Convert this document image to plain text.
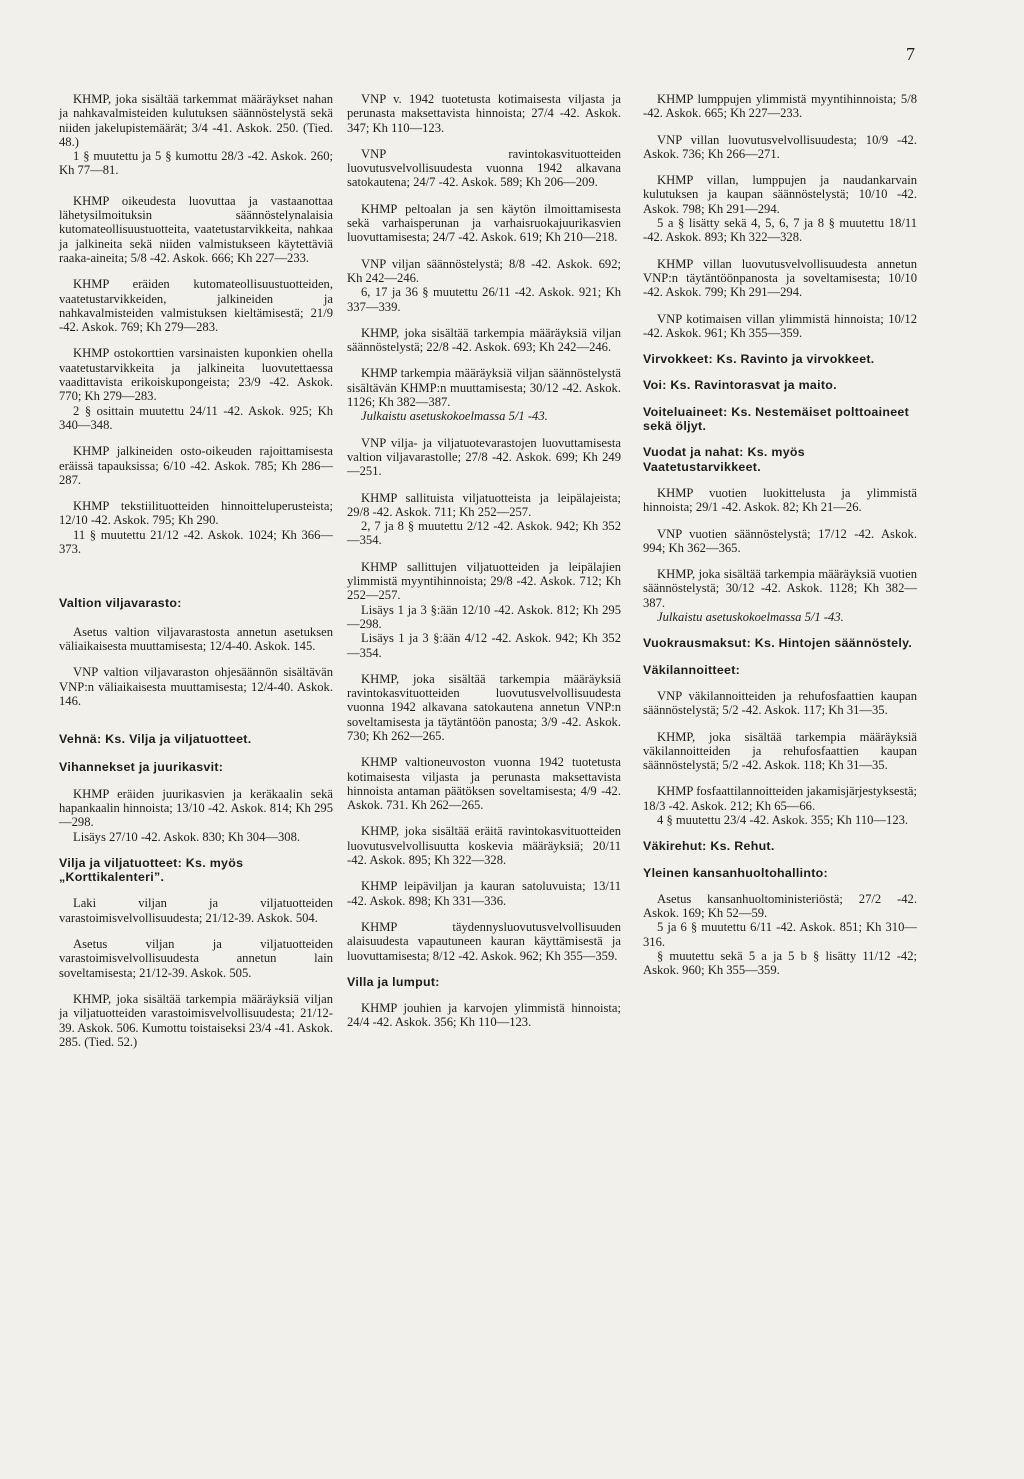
7

KHMP, joka sisältää tarkemmat määräykset nahan ja nahkavalmisteiden kulutuksen säännöstelystä sekä niiden jakelupistemäärät; 3/4 -41. Askok. 250. (Tied. 48.)

1 § muutettu ja 5 § kumottu 28/3 -42. Askok. 260; Kh 77—81.

KHMP oikeudesta luovuttaa ja vastaanottaa lähetysilmoituksin säännöstelynalaisia kutomateollisuustuotteita, vaatetustarvikkeita, nahkaa ja jalkineita sekä niiden valmistukseen käytettäviä raaka-aineita; 5/8 -42. Askok. 666; Kh 227—233.

KHMP eräiden kutomateollisuustuotteiden, vaatetustarvikkeiden, jalkineiden ja nahkavalmisteiden valmistuksen kieltämisestä; 21/9 -42. Askok. 769; Kh 279—283.

KHMP ostokorttien varsinaisten kuponkien ohella vaatetustarvikkeita ja jalkineita luovutettaessa vaadittavista erikoiskupongeista; 23/9 -42. Askok. 770; Kh 279—283.

2 § osittain muutettu 24/11 -42. Askok. 925; Kh 340—348.

KHMP jalkineiden osto-oikeuden rajoittamisesta eräissä tapauksissa; 6/10 -42. Askok. 785; Kh 286—287.

KHMP tekstiilituotteiden hinnoitteluperusteista; 12/10 -42. Askok. 795; Kh 290.

11 § muutettu 21/12 -42. Askok. 1024; Kh 366—373.

Valtion viljavarasto:

Asetus valtion viljavarastosta annetun asetuksen väliaikaisesta muuttamisesta; 12/4-40. Askok. 145.

VNP valtion viljavaraston ohjesäännön sisältävän VNP:n väliaikaisesta muuttamisesta; 12/4-40. Askok. 146.

Vehnä: Ks. Vilja ja viljatuotteet.
Vihannekset ja juurikasvit:

KHMP eräiden juurikasvien ja keräkaalin sekä hapankaalin hinnoista; 13/10 -42. Askok. 814; Kh 295—298.

Lisäys 27/10 -42. Askok. 830; Kh 304—308.

Vilja ja viljatuotteet: Ks. myös „Korttikalenteri”.

Laki viljan ja viljatuotteiden varastoimisvelvollisuudesta; 21/12-39. Askok. 504.

Asetus viljan ja viljatuotteiden varastoimisvelvollisuudesta annetun lain soveltamisesta; 21/12-39. Askok. 505.

KHMP, joka sisältää tarkempia määräyksiä viljan ja viljatuotteiden varastoimisvelvollisuudesta; 21/12-39. Askok. 506. Kumottu toistaiseksi 23/4 -41. Askok. 285. (Tied. 52.)

VNP v. 1942 tuotetusta kotimaisesta viljasta ja perunasta maksettavista hinnoista; 27/4 -42. Askok. 347; Kh 110—123.

VNP ravintokasvituotteiden luovutusvelvollisuudesta vuonna 1942 alkavana satokautena; 24/7 -42. Askok. 589; Kh 206—209.

KHMP peltoalan ja sen käytön ilmoittamisesta sekä varhaisperunan ja varhaisruokajuurikasvien luovuttamisesta; 24/7 -42. Askok. 619; Kh 210—218.

VNP viljan säännöstelystä; 8/8 -42. Askok. 692; Kh 242—246.

6, 17 ja 36 § muutettu 26/11 -42. Askok. 921; Kh 337—339.

KHMP, joka sisältää tarkempia määräyksiä viljan säännöstelystä; 22/8 -42. Askok. 693; Kh 242—246.

KHMP tarkempia määräyksiä viljan säännöstelystä sisältävän KHMP:n muuttamisesta; 30/12 -42. Askok. 1126; Kh 382—387.

Julkaistu asetuskokoelmassa 5/1 -43.

VNP vilja- ja viljatuotevarastojen luovuttamisesta valtion viljavarastolle; 27/8 -42. Askok. 699; Kh 249—251.

KHMP sallituista viljatuotteista ja leipälajeista; 29/8 -42. Askok. 711; Kh 252—257.

2, 7 ja 8 § muutettu 2/12 -42. Askok. 942; Kh 352—354.

KHMP sallittujen viljatuotteiden ja leipälajien ylimmistä myyntihinnoista; 29/8 -42. Askok. 712; Kh 252—257.

Lisäys 1 ja 3 §:ään 12/10 -42. Askok. 812; Kh 295—298.

Lisäys 1 ja 3 §:ään 4/12 -42. Askok. 942; Kh 352—354.

KHMP, joka sisältää tarkempia määräyksiä ravintokasvituotteiden luovutusvelvollisuudesta vuonna 1942 alkavana satokautena annetun VNP:n soveltamisesta ja täytäntöön panosta; 3/9 -42. Askok. 730; Kh 262—265.

KHMP valtioneuvoston vuonna 1942 tuotetusta kotimaisesta viljasta ja perunasta maksettavista hinnoista antaman päätöksen soveltamisesta; 4/9 -42. Askok. 731. Kh 262—265.

KHMP, joka sisältää eräitä ravintokasvituotteiden luovutusvelvollisuutta koskevia määräyksiä; 20/11 -42. Askok. 895; Kh 322—328.

KHMP leipäviljan ja kauran satoluvuista; 13/11 -42. Askok. 898; Kh 331—336.

KHMP täydennysluovutusvelvollisuuden alaisuudesta vapautuneen kauran käyttämisestä ja luovuttamisesta; 8/12 -42. Askok. 962; Kh 355—359.

Villa ja lumput:

KHMP jouhien ja karvojen ylimmistä hinnoista; 24/4 -42. Askok. 356; Kh 110—123.

KHMP lumppujen ylimmistä myyntihinnoista; 5/8 -42. Askok. 665; Kh 227—233.

VNP villan luovutusvelvollisuudesta; 10/9 -42. Askok. 736; Kh 266—271.

KHMP villan, lumppujen ja naudankarvain kulutuksen ja kaupan säännöstelystä; 10/10 -42. Askok. 798; Kh 291—294.

5 a § lisätty sekä 4, 5, 6, 7 ja 8 § muutettu 18/11 -42. Askok. 893; Kh 322—328.

KHMP villan luovutusvelvollisuudesta annetun VNP:n täytäntöönpanosta ja soveltamisesta; 10/10 -42. Askok. 799; Kh 291—294.

VNP kotimaisen villan ylimmistä hinnoista; 10/12 -42. Askok. 961; Kh 355—359.

Virvokkeet: Ks. Ravinto ja virvokkeet.
Voi: Ks. Ravintorasvat ja maito.
Voiteluaineet: Ks. Nestemäiset polttoaineet sekä öljyt.
Vuodat ja nahat: Ks. myös Vaatetustarvikkeet.

KHMP vuotien luokittelusta ja ylimmistä hinnoista; 29/1 -42. Askok. 82; Kh 21—26.

VNP vuotien säännöstelystä; 17/12 -42. Askok. 994; Kh 362—365.

KHMP, joka sisältää tarkempia määräyksiä vuotien säännöstelystä; 30/12 -42. Askok. 1128; Kh 382—387.

Julkaistu asetuskokoelmassa 5/1 -43.

Vuokrausmaksut: Ks. Hintojen säännöstely.
Väkilannoitteet:

VNP väkilannoitteiden ja rehufosfaattien kaupan säännöstelystä; 5/2 -42. Askok. 117; Kh 31—35.

KHMP, joka sisältää tarkempia määräyksiä väkilannoitteiden ja rehufosfaattien kaupan säännöstelystä; 5/2 -42. Askok. 118; Kh 31—35.

KHMP fosfaattilannoitteiden jakamisjärjestyksestä; 18/3 -42. Askok. 212; Kh 65—66.

4 § muutettu 23/4 -42. Askok. 355; Kh 110—123.

Väkirehut: Ks. Rehut.
Yleinen kansanhuoltohallinto:

Asetus kansanhuoltoministeriöstä; 27/2 -42. Askok. 169; Kh 52—59.

5 ja 6 § muutettu 6/11 -42. Askok. 851; Kh 310—316.

§ muutettu sekä 5 a ja 5 b § lisätty 11/12 -42; Askok. 960; Kh 355—359.
